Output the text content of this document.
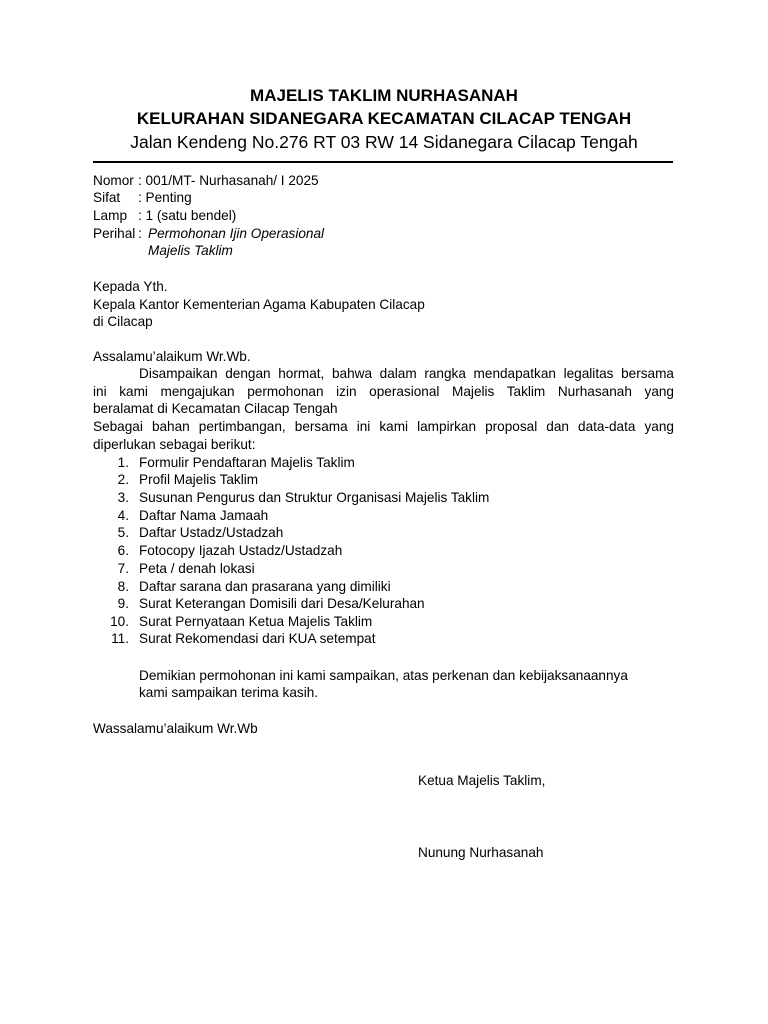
MAJELIS TAKLIM NURHASANAH
KELURAHAN SIDANEGARA KECAMATAN CILACAP TENGAH
Jalan Kendeng No.276 RT 03 RW 14 Sidanegara Cilacap Tengah
Nomor : 001/MT- Nurhasanah/ I 2025
Sifat : Penting
Lamp : 1 (satu bendel)
Perihal : Permohonan Ijin Operasional
Majelis Taklim
Kepada Yth.
Kepala Kantor Kementerian Agama Kabupaten Cilacap
di Cilacap
Assalamu’alaikum Wr.Wb.
Disampaikan dengan hormat, bahwa dalam rangka mendapatkan legalitas bersama
ini kami mengajukan permohonan izin operasional Majelis Taklim Nurhasanah yang
beralamat di Kecamatan Cilacap Tengah
Sebagai bahan pertimbangan, bersama ini kami lampirkan proposal dan data-data yang
diperlukan sebagai berikut:
1. Formulir Pendaftaran Majelis Taklim
2. Profil Majelis Taklim
3. Susunan Pengurus dan Struktur Organisasi Majelis Taklim
4. Daftar Nama Jamaah
5. Daftar Ustadz/Ustadzah
6. Fotocopy Ijazah Ustadz/Ustadzah
7. Peta / denah lokasi
8. Daftar sarana dan prasarana yang dimiliki
9. Surat Keterangan Domisili dari Desa/Kelurahan
10. Surat Pernyataan Ketua Majelis Taklim
11. Surat Rekomendasi dari KUA setempat
Demikian permohonan ini kami sampaikan, atas perkenan dan kebijaksanaannya
kami sampaikan terima kasih.
Wassalamu’alaikum Wr.Wb
Ketua Majelis Taklim,
Nunung Nurhasanah
